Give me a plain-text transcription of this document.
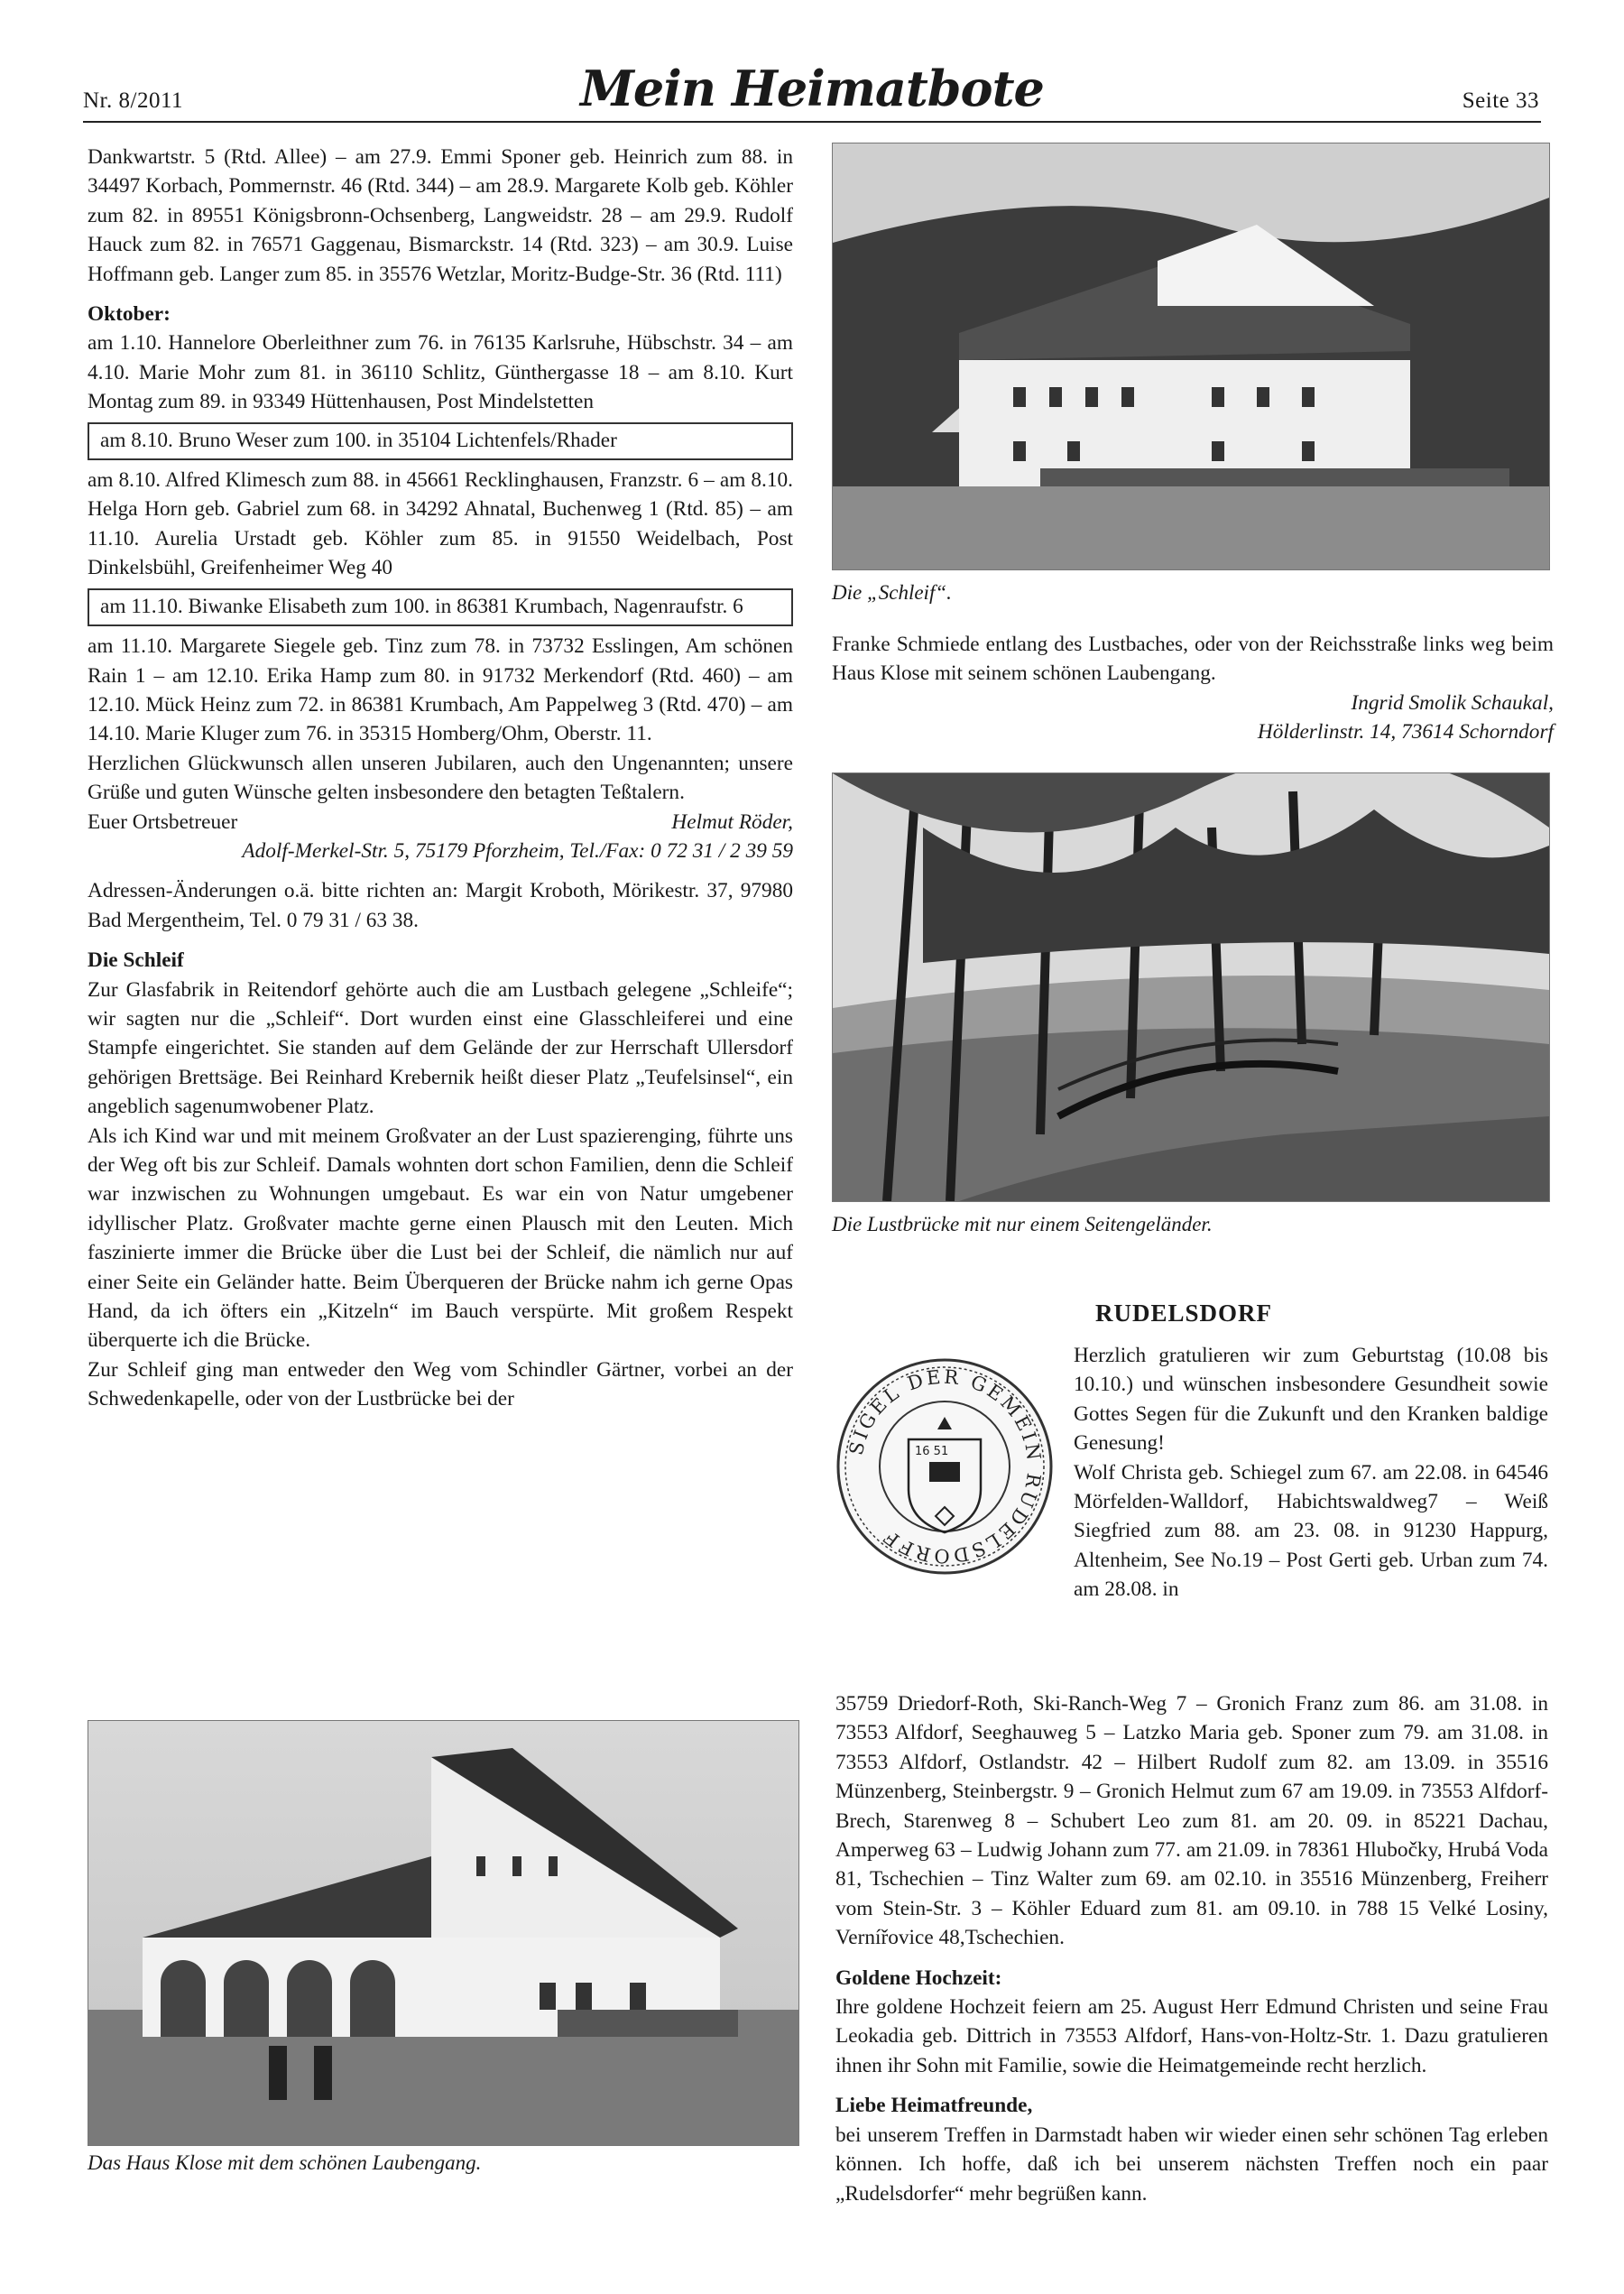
Nr. 8/2011	Mein Heimatbote	Seite 33

Dankwartstr. 5 (Rtd. Allee) – am 27.9. Emmi Sponer geb. Heinrich zum 88. in 34497 Korbach, Pommernstr. 46 (Rtd. 344) – am 28.9. Margarete Kolb geb. Köhler zum 82. in 89551 Königsbronn-Ochsenberg, Langweidstr. 28 – am 29.9. Rudolf Hauck zum 82. in 76571 Gaggenau, Bismarckstr. 14 (Rtd. 323) – am 30.9. Luise Hoffmann geb. Langer zum 85. in 35576 Wetzlar, Moritz-Budge-Str. 36 (Rtd. 111)

Oktober:

am 1.10. Hannelore Oberleithner zum 76. in 76135 Karlsruhe, Hübschstr. 34 – am 4.10. Marie Mohr zum 81. in 36110 Schlitz, Günthergasse 18 – am 8.10. Kurt Montag zum 89. in 93349 Hüttenhausen, Post Mindelstetten

am 8.10. Bruno Weser zum 100. in 35104 Lichtenfels/Rhader

am 8.10. Alfred Klimesch zum 88. in 45661 Recklinghausen, Franzstr. 6 – am 8.10. Helga Horn geb. Gabriel zum 68. in 34292 Ahnatal, Buchenweg 1 (Rtd. 85) – am 11.10. Aurelia Urstadt geb. Köhler zum 85. in 91550 Weidelbach, Post Dinkelsbühl, Greifenheimer Weg 40

am 11.10. Biwanke Elisabeth zum 100. in 86381 Krumbach, Nagenraufstr. 6

am 11.10. Margarete Siegele geb. Tinz zum 78. in 73732 Esslingen, Am schönen Rain 1 – am 12.10. Erika Hamp zum 80. in 91732 Merkendorf (Rtd. 460) – am 12.10. Mück Heinz zum 72. in 86381 Krumbach, Am Pappelweg 3 (Rtd. 470) – am 14.10. Marie Kluger zum 76. in 35315 Homberg/Ohm, Oberstr. 11.

Herzlichen Glückwunsch allen unseren Jubilaren, auch den Ungenannten; unsere Grüße und guten Wünsche gelten insbesondere den betagten Teßtalern.

Euer Ortsbetreuer	Helmut Röder,

Adolf-Merkel-Str. 5, 75179 Pforzheim, Tel./Fax: 0 72 31 / 2 39 59

Adressen-Änderungen o.ä. bitte richten an: Margit Kroboth, Mörikestr. 37, 97980 Bad Mergentheim, Tel. 0 79 31 / 63 38.

Die Schleif

Zur Glasfabrik in Reitendorf gehörte auch die am Lustbach gelegene „Schleife“; wir sagten nur die „Schleif“. Dort wurden einst eine Glasschleiferei und eine Stampfe eingerichtet. Sie standen auf dem Gelände der zur Herrschaft Ullersdorf gehörigen Brettsäge. Bei Reinhard Krebernik heißt dieser Platz „Teufelsinsel“, ein angeblich sagenumwobener Platz.

Als ich Kind war und mit meinem Großvater an der Lust spazierenging, führte uns der Weg oft bis zur Schleif. Damals wohnten dort schon Familien, denn die Schleif war inzwischen zu Wohnungen umgebaut. Es war ein von Natur umgebener idyllischer Platz. Großvater machte gerne einen Plausch mit den Leuten. Mich faszinierte immer die Brücke über die Lust bei der Schleif, die nämlich nur auf einer Seite ein Geländer hatte. Beim Überqueren der Brücke nahm ich gerne Opas Hand, da ich öfters ein „Kitzeln“ im Bauch verspürte. Mit großem Respekt überquerte ich die Brücke.

Zur Schleif ging man entweder den Weg vom Schindler Gärtner, vorbei an der Schwedenkapelle, oder von der Lustbrücke bei der

Das Haus Klose mit dem schönen Laubengang.
Die „Schleif“.

Franke Schmiede entlang des Lustbaches, oder von der Reichsstraße links weg beim Haus Klose mit seinem schönen Laubengang.

Ingrid Smolik Schaukal,

Hölderlinstr. 14, 73614 Schorndorf

Die Lustbrücke mit nur einem Seitengeländer.
RUDELSDORF
16 51
SIGEL DER GEMEIN RUDELSDORFF

Herzlich gratulieren wir zum Geburtstag (10.08 bis 10.10.) und wünschen insbesondere Gesundheit sowie Gottes Segen für die Zukunft und den Kranken baldige Genesung!

Wolf Christa geb. Schiegel zum 67. am 22.08. in 64546 Mörfelden-Walldorf, Habichtswaldweg7 – Weiß Siegfried zum 88. am 23. 08. in 91230 Happurg, Altenheim, See No.19 – Post Gerti geb. Urban zum 74. am 28.08. in

35759 Driedorf-Roth, Ski-Ranch-Weg 7 – Gronich Franz zum 86. am 31.08. in 73553 Alfdorf, Seeghauweg 5 – Latzko Maria geb. Sponer zum 79. am 31.08. in 73553 Alfdorf, Ostlandstr. 42 – Hilbert Rudolf zum 82. am 13.09. in 35516 Münzenberg, Steinbergstr. 9 – Gronich Helmut zum 67 am 19.09. in 73553 Alfdorf-Brech, Starenweg 8 – Schubert Leo zum 81. am 20. 09. in 85221 Dachau, Amperweg 63 – Ludwig Johann zum 77. am 21.09. in 78361 Hlubočky, Hrubá Voda 81, Tschechien – Tinz Walter zum 69. am 02.10. in 35516 Münzenberg, Freiherr vom Stein-Str. 3 – Köhler Eduard zum 81. am 09.10. in 788 15 Velké Losiny, Vernířovice 48,Tschechien.

Goldene Hochzeit:

Ihre goldene Hochzeit feiern am 25. August Herr Edmund Christen und seine Frau Leokadia geb. Dittrich in 73553 Alfdorf, Hans-von-Holtz-Str. 1. Dazu gratulieren ihnen ihr Sohn mit Familie, sowie die Heimatgemeinde recht herzlich.

Liebe Heimatfreunde,

bei unserem Treffen in Darmstadt haben wir wieder einen sehr schönen Tag erleben können. Ich hoffe, daß ich bei unserem nächsten Treffen noch ein paar „Rudelsdorfer“ mehr begrüßen kann.
